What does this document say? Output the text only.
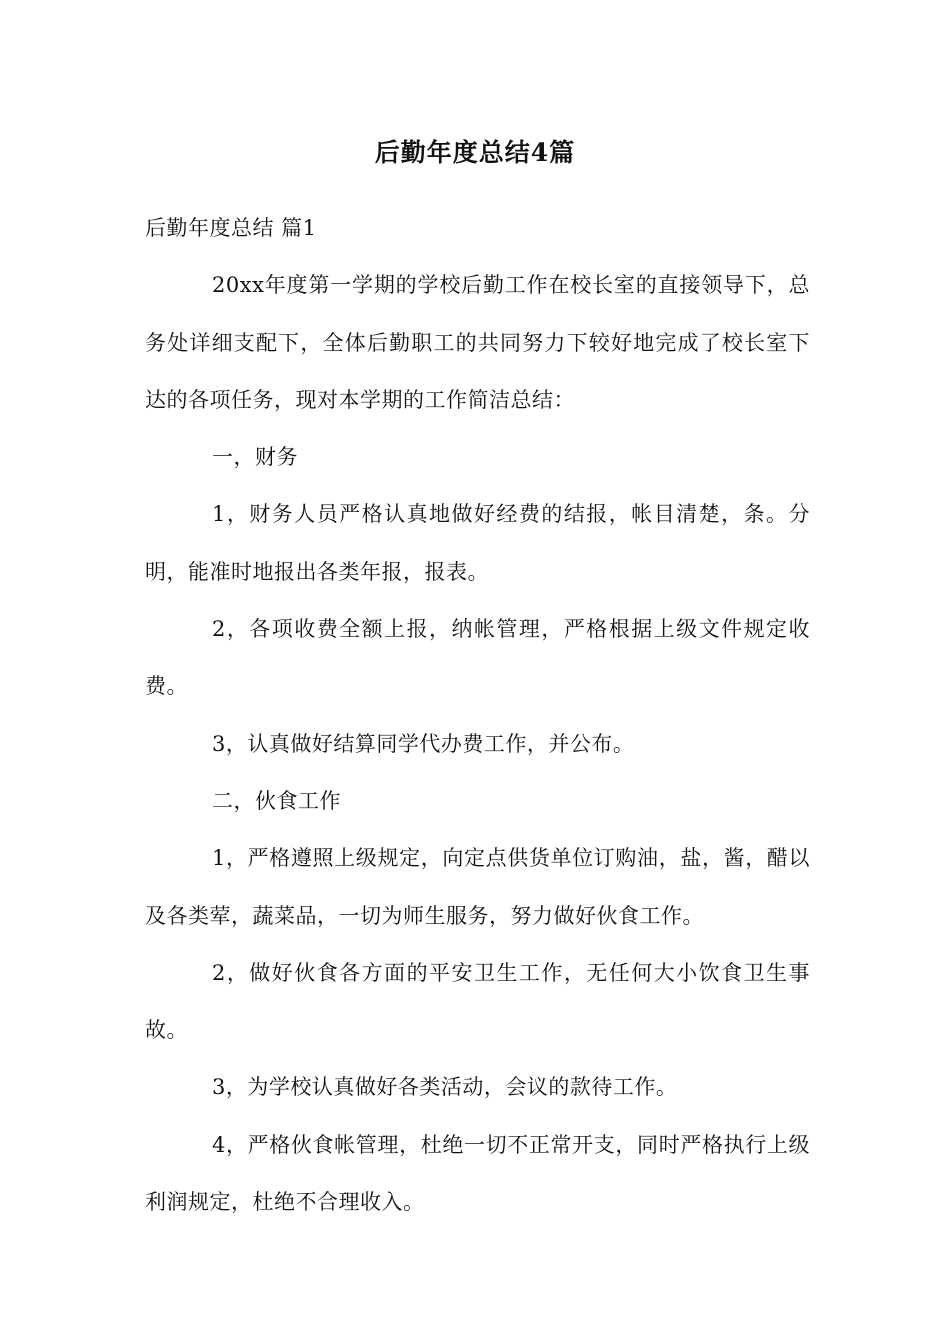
后勤年度总结4篇

后勤年度总结 篇1

20xx年度第一学期的学校后勤工作在校长室的直接领导下，总务处详细支配下，全体后勤职工的共同努力下较好地完成了校长室下达的各项任务，现对本学期的工作简洁总结：

一，财务

1，财务人员严格认真地做好经费的结报，帐目清楚，条。分明，能准时地报出各类年报，报表。

2，各项收费全额上报，纳帐管理，严格根据上级文件规定收费。

3，认真做好结算同学代办费工作，并公布。

二，伙食工作

1，严格遵照上级规定，向定点供货单位订购油，盐，酱，醋以及各类荤，蔬菜品，一切为师生服务，努力做好伙食工作。

2，做好伙食各方面的平安卫生工作，无任何大小饮食卫生事故。

3，为学校认真做好各类活动，会议的款待工作。

4，严格伙食帐管理，杜绝一切不正常开支，同时严格执行上级利润规定，杜绝不合理收入。
